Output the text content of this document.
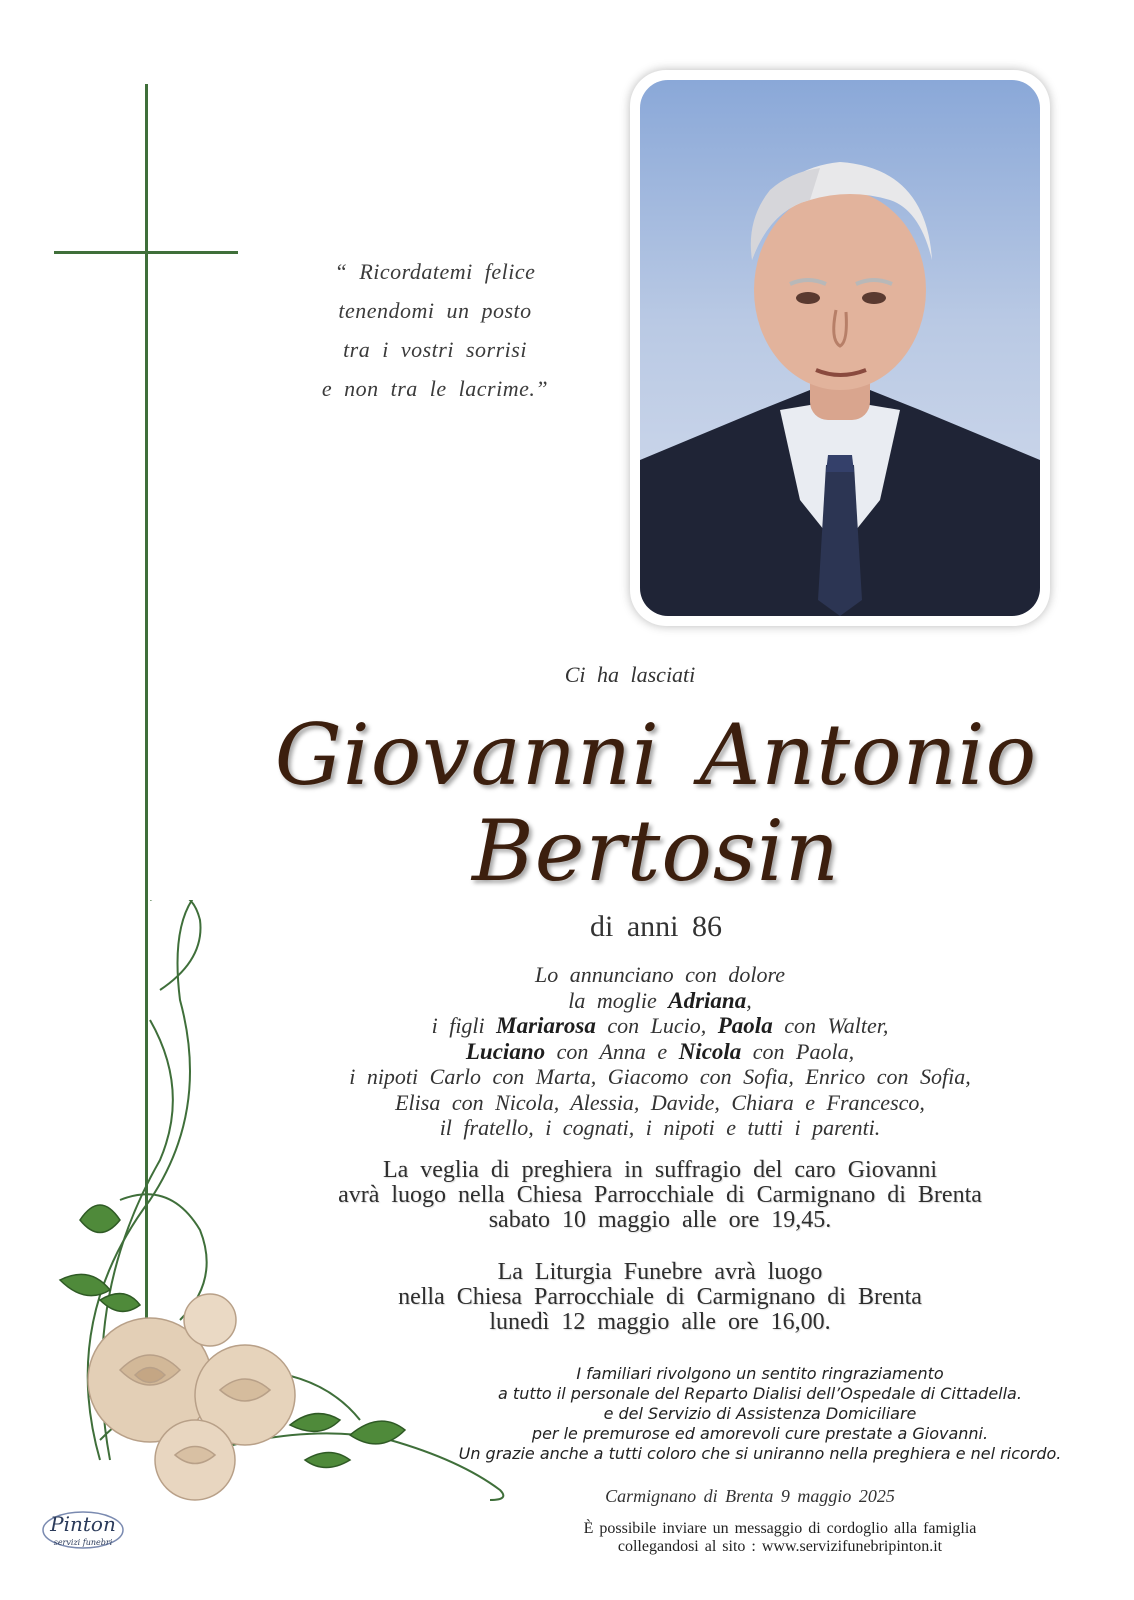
“ Ricordatemi felice
tenendomi un posto
tra i vostri sorrisi
e non tra le lacrime.”
Ci ha lasciati
Giovanni Antonio
Bertosin
di anni 86
Lo annunciano con dolore
la moglie Adriana,
i figli Mariarosa con Lucio, Paola con Walter,
Luciano con Anna e Nicola con Paola,
i nipoti Carlo con Marta, Giacomo con Sofia, Enrico con Sofia,
Elisa con Nicola, Alessia, Davide, Chiara e Francesco,
il fratello, i cognati, i nipoti e tutti i parenti.
La veglia di preghiera in suffragio del caro Giovanni
avrà luogo nella Chiesa Parrocchiale di Carmignano di Brenta
sabato 10 maggio alle ore 19,45.
La Liturgia Funebre avrà luogo
nella Chiesa Parrocchiale di Carmignano di Brenta
lunedì 12 maggio alle ore 16,00.
I familiari rivolgono un sentito ringraziamento
a tutto il personale del Reparto Dialisi dell’Ospedale di Cittadella.
e del Servizio di Assistenza Domiciliare
per le premurose ed amorevoli cure prestate a Giovanni.
Un grazie anche a tutti coloro che si uniranno nella preghiera e nel ricordo.
Carmignano di Brenta 9 maggio 2025
È possibile inviare un messaggio di cordoglio alla famiglia
collegandosi al sito : www.servizifunebripinton.it
Pinton
servizi funebri
